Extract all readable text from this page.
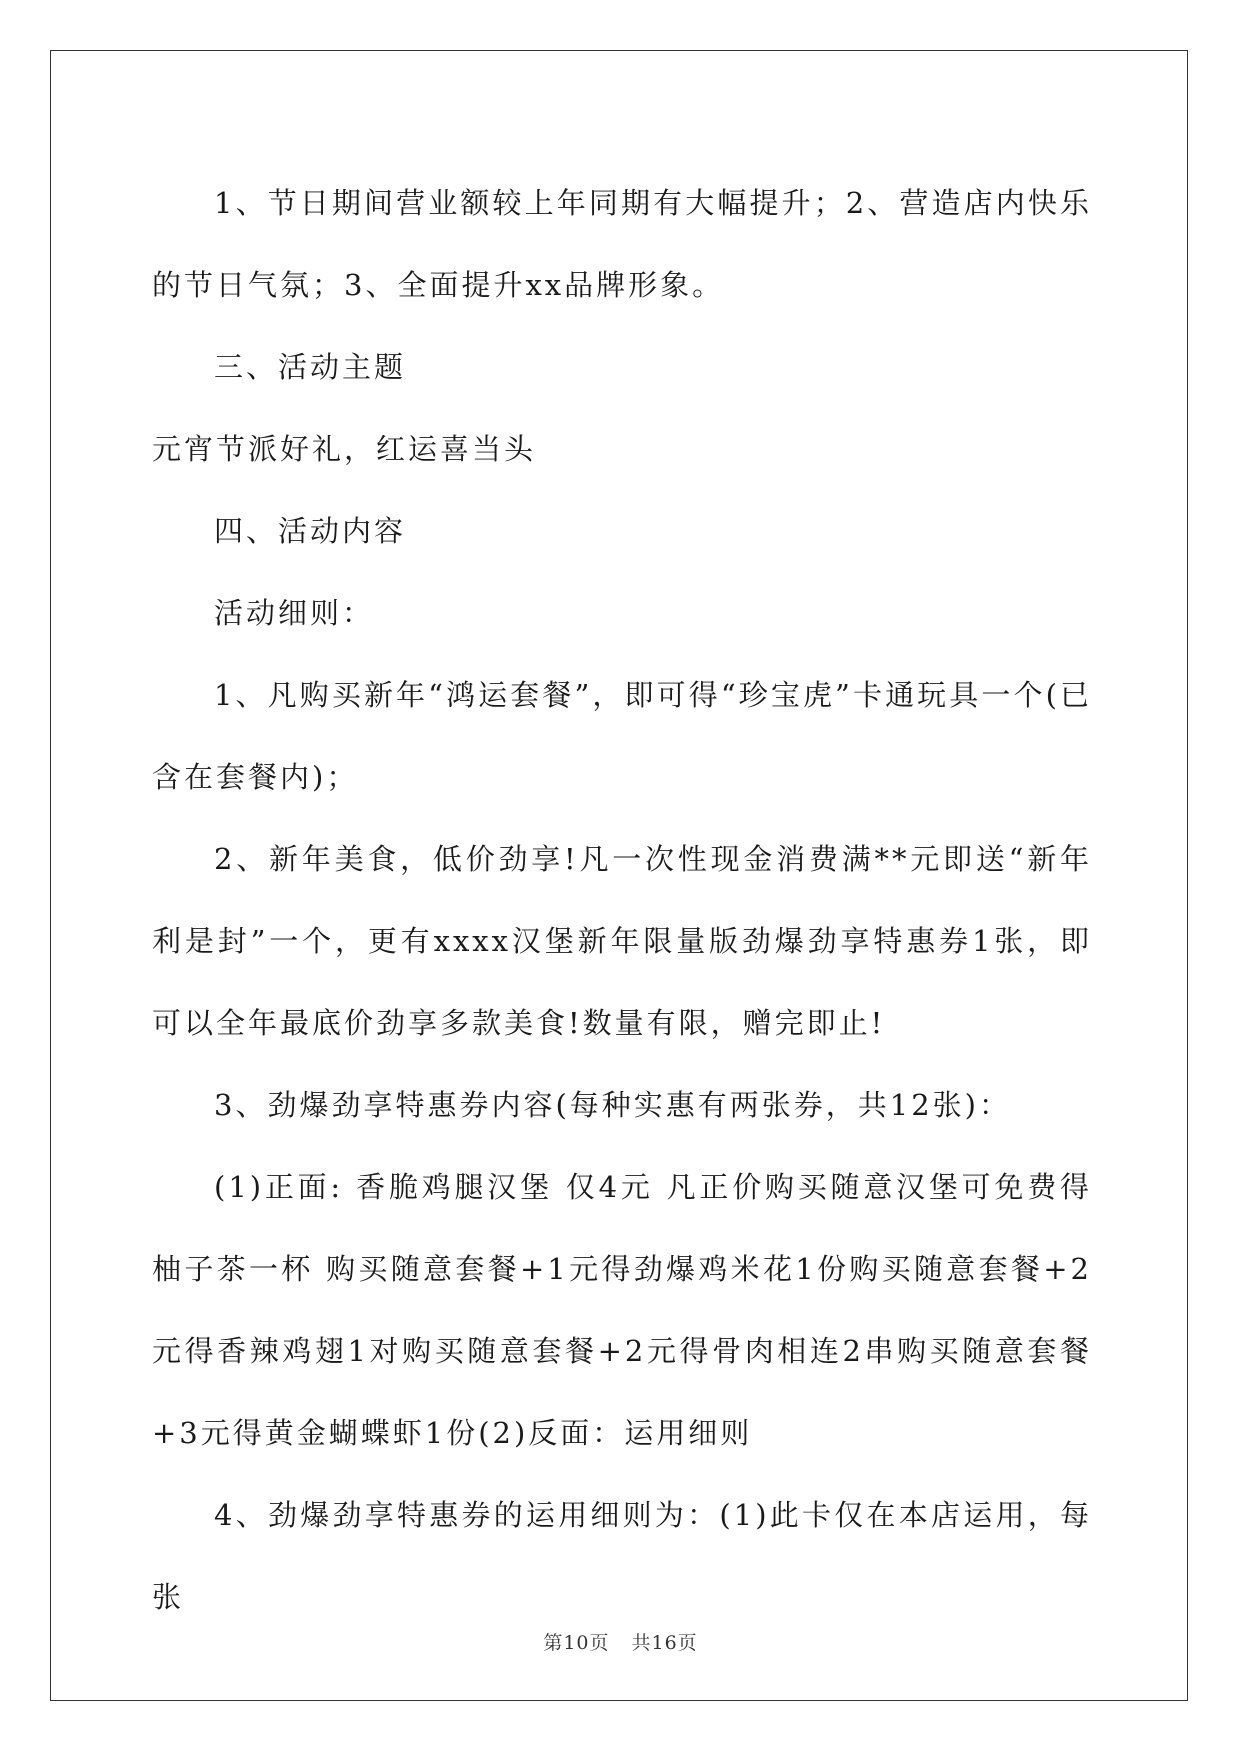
1、节日期间营业额较上年同期有大幅提升；2、营造店内快乐的节日气氛；3、全面提升xx品牌形象。

三、活动主题

元宵节派好礼，红运喜当头

四、活动内容

活动细则：

1、凡购买新年“鸿运套餐”，即可得“珍宝虎”卡通玩具一个(已含在套餐内)；

2、新年美食，低价劲享!凡一次性现金消费满**元即送“新年利是封”一个，更有xxxx汉堡新年限量版劲爆劲享特惠券1张，即可以全年最底价劲享多款美食!数量有限，赠完即止!

3、劲爆劲享特惠券内容(每种实惠有两张券，共12张)：

(1)正面: 香脆鸡腿汉堡 仅4元 凡正价购买随意汉堡可免费得柚子茶一杯 购买随意套餐+1元得劲爆鸡米花1份购买随意套餐+2元得香辣鸡翅1对购买随意套餐+2元得骨肉相连2串购买随意套餐+3元得黄金蝴蝶虾1份(2)反面：运用细则

4、劲爆劲享特惠券的运用细则为：(1)此卡仅在本店运用，每张

第10页 共16页
